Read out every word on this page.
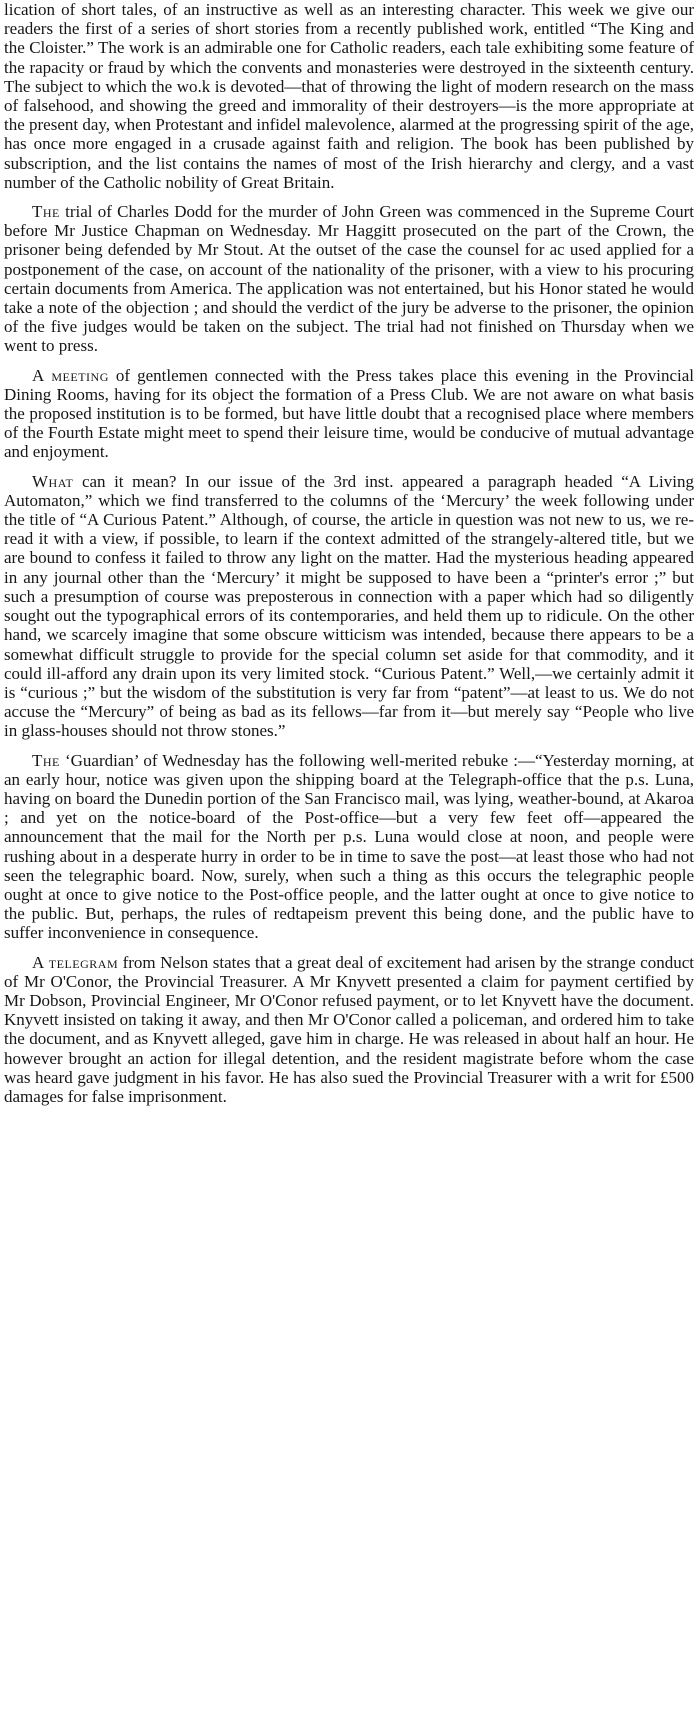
lication of short tales, of an instructive as well as an interesting character. This week we give our readers the first of a series of short stories from a recently published work, entitled “The King and the Cloister.” The work is an admirable one for Catholic readers, each tale exhibiting some feature of the rapacity or fraud by which the convents and monasteries were destroyed in the sixteenth century. The subject to which the wo.k is devoted—that of throwing the light of modern research on the mass of falsehood, and showing the greed and immorality of their destroyers—is the more appropriate at the present day, when Protestant and infidel malevolence, alarmed at the progressing spirit of the age, has once more engaged in a crusade against faith and religion. The book has been published by subscription, and the list contains the names of most of the Irish hierarchy and clergy, and a vast number of the Catholic nobility of Great Britain.

The trial of Charles Dodd for the murder of John Green was commenced in the Supreme Court before Mr Justice Chapman on Wednesday. Mr Haggitt prosecuted on the part of the Crown, the prisoner being defended by Mr Stout. At the outset of the case the counsel for ac used applied for a postponement of the case, on account of the nationality of the prisoner, with a view to his procuring certain documents from America. The application was not entertained, but his Honor stated he would take a note of the objection ; and should the verdict of the jury be adverse to the prisoner, the opinion of the five judges would be taken on the subject. The trial had not finished on Thursday when we went to press.

A meeting of gentlemen connected with the Press takes place this evening in the Provincial Dining Rooms, having for its object the formation of a Press Club. We are not aware on what basis the proposed institution is to be formed, but have little doubt that a recognised place where members of the Fourth Estate might meet to spend their leisure time, would be conducive of mutual advantage and enjoyment.

What can it mean? In our issue of the 3rd inst. appeared a paragraph headed “A Living Automaton,” which we find transferred to the columns of the ‘Mercury’ the week following under the title of “A Curious Patent.” Although, of course, the article in question was not new to us, we re-read it with a view, if possible, to learn if the context admitted of the strangely-altered title, but we are bound to confess it failed to throw any light on the matter. Had the mysterious heading appeared in any journal other than the ‘Mercury’ it might be supposed to have been a “printer's error ;” but such a presumption of course was preposterous in connection with a paper which had so diligently sought out the typographical errors of its contemporaries, and held them up to ridicule. On the other hand, we scarcely imagine that some obscure witticism was intended, because there appears to be a somewhat difficult struggle to provide for the special column set aside for that commodity, and it could ill-afford any drain upon its very limited stock. “Curious Patent.” Well,—we certainly admit it is “curious ;” but the wisdom of the substitution is very far from “patent”—at least to us. We do not accuse the “Mercury” of being as bad as its fellows—far from it—but merely say “People who live in glass-houses should not throw stones.”

The ‘Guardian’ of Wednesday has the following well-merited rebuke :—“Yesterday morning, at an early hour, notice was given upon the shipping board at the Telegraph-office that the p.s. Luna, having on board the Dunedin portion of the San Francisco mail, was lying, weather-bound, at Akaroa ; and yet on the notice-board of the Post-office—but a very few feet off—appeared the announcement that the mail for the North per p.s. Luna would close at noon, and people were rushing about in a desperate hurry in order to be in time to save the post—at least those who had not seen the telegraphic board. Now, surely, when such a thing as this occurs the telegraphic people ought at once to give notice to the Post-office people, and the latter ought at once to give notice to the public. But, perhaps, the rules of redtapeism prevent this being done, and the public have to suffer inconvenience in consequence.

A telegram from Nelson states that a great deal of excitement had arisen by the strange conduct of Mr O'Conor, the Provincial Treasurer. A Mr Knyvett presented a claim for payment certified by Mr Dobson, Provincial Engineer, Mr O'Conor refused payment, or to let Knyvett have the document. Knyvett insisted on taking it away, and then Mr O'Conor called a policeman, and ordered him to take the document, and as Knyvett alleged, gave him in charge. He was released in about half an hour. He however brought an action for illegal detention, and the resident magistrate before whom the case was heard gave judgment in his favor. He has also sued the Provincial Treasurer with a writ for £500 damages for false imprisonment.
